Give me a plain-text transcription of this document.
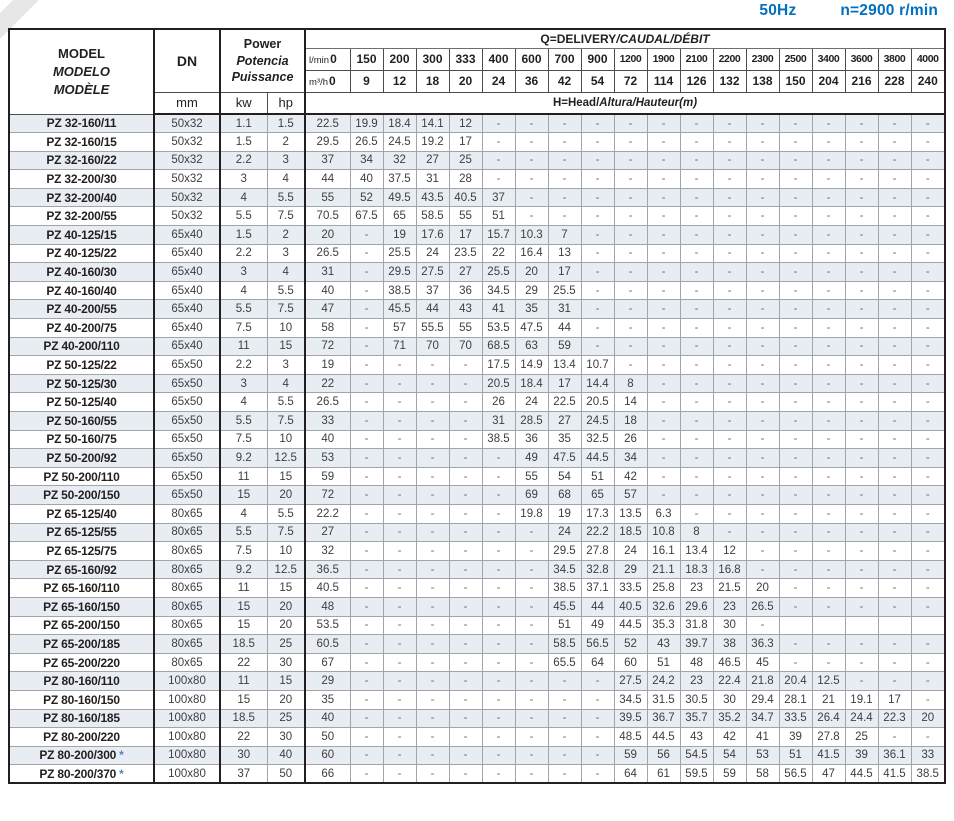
50Hz	n=2900 r/min
MODEL
MODELO
MODÈLE
	DN	
Power
Potencia
Puissance
	Q=DELIVERY/CAUDAL/DÉBIT
				l/min0	150	200	300	333	400	600	700	900	1200	1900	2100	2200	2300	2500	3400	3600	3800	4000
				m³/h0	9	12	18	20	24	36	42	54	72	114	126	132	138	150	204	216	228	240
	mm	kw	hp	H=Head/Altura/Hauteur(m)																		
PZ 32-160/11	50x32	1.1	1.5	22.5	19.9	18.4	14.1	12	-	-	-	-	-	-	-	-	-	-	-	-	-	-
PZ 32-160/15	50x32	1.5	2	29.5	26.5	24.5	19.2	17	-	-	-	-	-	-	-	-	-	-	-	-	-	-
PZ 32-160/22	50x32	2.2	3	37	34	32	27	25	-	-	-	-	-	-	-	-	-	-	-	-	-	-
PZ 32-200/30	50x32	3	4	44	40	37.5	31	28	-	-	-	-	-	-	-	-	-	-	-	-	-	-
PZ 32-200/40	50x32	4	5.5	55	52	49.5	43.5	40.5	37	-	-	-	-	-	-	-	-	-	-	-	-	-
PZ 32-200/55	50x32	5.5	7.5	70.5	67.5	65	58.5	55	51	-	-	-	-	-	-	-	-	-	-	-	-	-
PZ 40-125/15	65x40	1.5	2	20	-	19	17.6	17	15.7	10.3	7	-	-	-	-	-	-	-	-	-	-	-
PZ 40-125/22	65x40	2.2	3	26.5	-	25.5	24	23.5	22	16.4	13	-	-	-	-	-	-	-	-	-	-	-
PZ 40-160/30	65x40	3	4	31	-	29.5	27.5	27	25.5	20	17	-	-	-	-	-	-	-	-	-	-	-
PZ 40-160/40	65x40	4	5.5	40	-	38.5	37	36	34.5	29	25.5	-	-	-	-	-	-	-	-	-	-	-
PZ 40-200/55	65x40	5.5	7.5	47	-	45.5	44	43	41	35	31	-	-	-	-	-	-	-	-	-	-	-
PZ 40-200/75	65x40	7.5	10	58	-	57	55.5	55	53.5	47.5	44	-	-	-	-	-	-	-	-	-	-	-
PZ 40-200/110	65x40	11	15	72	-	71	70	70	68.5	63	59	-	-	-	-	-	-	-	-	-	-	-
PZ 50-125/22	65x50	2.2	3	19	-	-	-	-	17.5	14.9	13.4	10.7	-	-	-	-	-	-	-	-	-	-
PZ 50-125/30	65x50	3	4	22	-	-	-	-	20.5	18.4	17	14.4	8	-	-	-	-	-	-	-	-	-
PZ 50-125/40	65x50	4	5.5	26.5	-	-	-	-	26	24	22.5	20.5	14	-	-	-	-	-	-	-	-	-
PZ 50-160/55	65x50	5.5	7.5	33	-	-	-	-	31	28.5	27	24.5	18	-	-	-	-	-	-	-	-	-
PZ 50-160/75	65x50	7.5	10	40	-	-	-	-	38.5	36	35	32.5	26	-	-	-	-	-	-	-	-	-
PZ 50-200/92	65x50	9.2	12.5	53	-	-	-	-	-	49	47.5	44.5	34	-	-	-	-	-	-	-	-	-
PZ 50-200/110	65x50	11	15	59	-	-	-	-	-	55	54	51	42	-	-	-	-	-	-	-	-	-
PZ 50-200/150	65x50	15	20	72	-	-	-	-	-	69	68	65	57	-	-	-	-	-	-	-	-	-
PZ 65-125/40	80x65	4	5.5	22.2	-	-	-	-	-	19.8	19	17.3	13.5	6.3	-	-	-	-	-	-	-	-
PZ 65-125/55	80x65	5.5	7.5	27	-	-	-	-	-	-	24	22.2	18.5	10.8	8	-	-	-	-	-	-	-
PZ 65-125/75	80x65	7.5	10	32	-	-	-	-	-	-	29.5	27.8	24	16.1	13.4	12	-	-	-	-	-	-
PZ 65-160/92	80x65	9.2	12.5	36.5	-	-	-	-	-	-	34.5	32.8	29	21.1	18.3	16.8	-	-	-	-	-	-
PZ 65-160/110	80x65	11	15	40.5	-	-	-	-	-	-	38.5	37.1	33.5	25.8	23	21.5	20	-	-	-	-	-
PZ 65-160/150	80x65	15	20	48	-	-	-	-	-	-	45.5	44	40.5	32.6	29.6	23	26.5	-	-	-	-	-
PZ 65-200/150	80x65	15	20	53.5	-	-	-	-	-	-	51	49	44.5	35.3	31.8	30	-					
PZ 65-200/185	80x65	18.5	25	60.5	-	-	-	-	-	-	58.5	56.5	52	43	39.7	38	36.3	-	-	-	-	-
PZ 65-200/220	80x65	22	30	67	-	-	-	-	-	-	65.5	64	60	51	48	46.5	45	-	-	-	-	-
PZ 80-160/110	100x80	11	15	29	-	-	-	-	-	-	-	-	27.5	24.2	23	22.4	21.8	20.4	12.5	-	-	-
PZ 80-160/150	100x80	15	20	35	-	-	-	-	-	-	-	-	34.5	31.5	30.5	30	29.4	28.1	21	19.1	17	-
PZ 80-160/185	100x80	18.5	25	40	-	-	-	-	-	-	-	-	39.5	36.7	35.7	35.2	34.7	33.5	26.4	24.4	22.3	20
PZ 80-200/220	100x80	22	30	50	-	-	-	-	-	-	-	-	48.5	44.5	43	42	41	39	27.8	25	-	-
PZ 80-200/300 *	100x80	30	40	60	-	-	-	-	-	-	-	-	59	56	54.5	54	53	51	41.5	39	36.1	33
PZ 80-200/370 *	100x80	37	50	66	-	-	-	-	-	-	-	-	64	61	59.5	59	58	56.5	47	44.5	41.5	38.5
